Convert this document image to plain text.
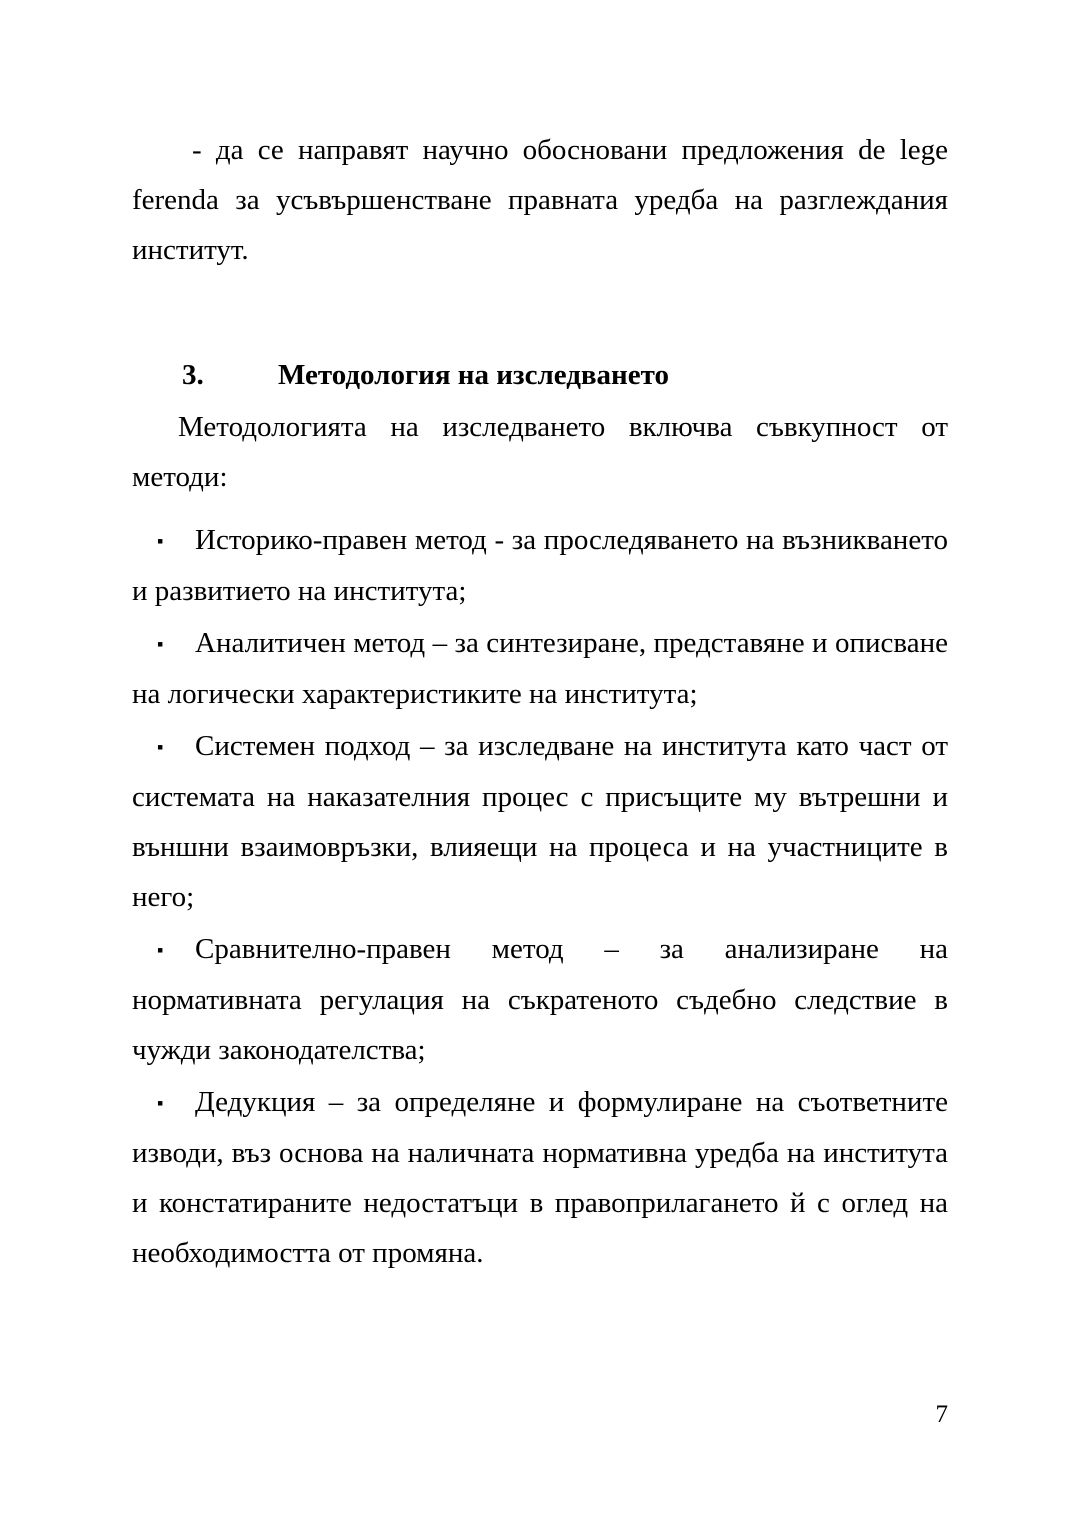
- да се направят научно обосновани предложения de lege ferenda за усъвършенстване правната уредба на разглеждания институт.

3.	Методология на изследването

Методологията на изследването включва съвкупност от методи:

▪ Историко-правен метод - за проследяването на възникването и развитието на института;

▪ Аналитичен метод – за синтезиране, представяне и описване на логически характеристиките на института;

▪ Системен подход – за изследване на института като част от системата на наказателния процес с присъщите му вътрешни и външни взаимовръзки, влияещи на процеса и на участниците в него;

▪ Сравнително-правен метод – за анализиране на нормативната регулация на съкратеното съдебно следствие в чужди законодателства;

▪ Дедукция – за определяне и формулиране на съответните изводи, въз основа на наличната нормативна уредба на института и констатираните недостатъци в правоприлагането й с оглед на необходимостта от промяна.

7
